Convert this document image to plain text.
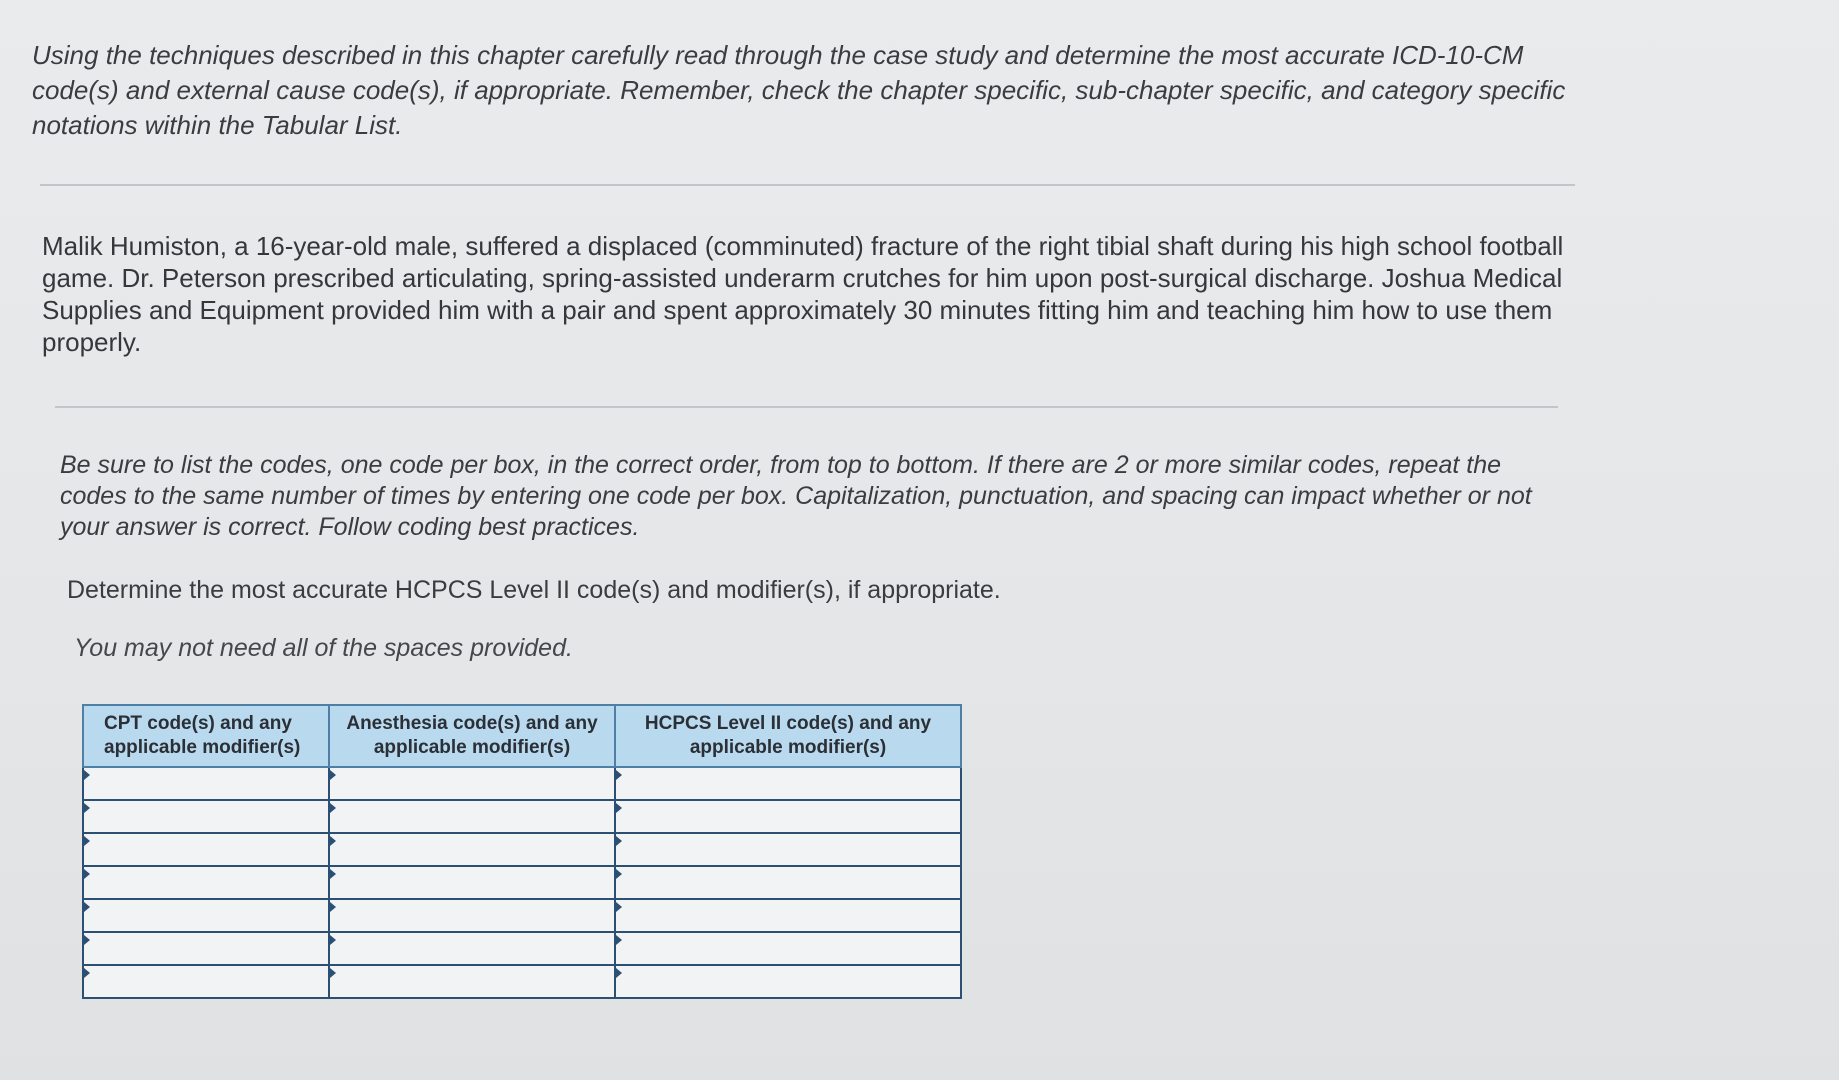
Using the techniques described in this chapter carefully read through the case study and determine the most accurate ICD-10-CM code(s) and external cause code(s), if appropriate. Remember, check the chapter specific, sub-chapter specific, and category specific notations within the Tabular List.

Malik Humiston, a 16-year-old male, suffered a displaced (comminuted) fracture of the right tibial shaft during his high school football game. Dr. Peterson prescribed articulating, spring-assisted underarm crutches for him upon post-surgical discharge. Joshua Medical Supplies and Equipment provided him with a pair and spent approximately 30 minutes fitting him and teaching him how to use them properly.

Be sure to list the codes, one code per box, in the correct order, from top to bottom. If there are 2 or more similar codes, repeat the codes to the same number of times by entering one code per box. Capitalization, punctuation, and spacing can impact whether or not your answer is correct. Follow coding best practices.

Determine the most accurate HCPCS Level II code(s) and modifier(s), if appropriate.

You may not need all of the spaces provided.

CPT code(s) and any applicable modifier(s)	Anesthesia code(s) and any applicable modifier(s)	HCPCS Level II code(s) and any applicable modifier(s)
